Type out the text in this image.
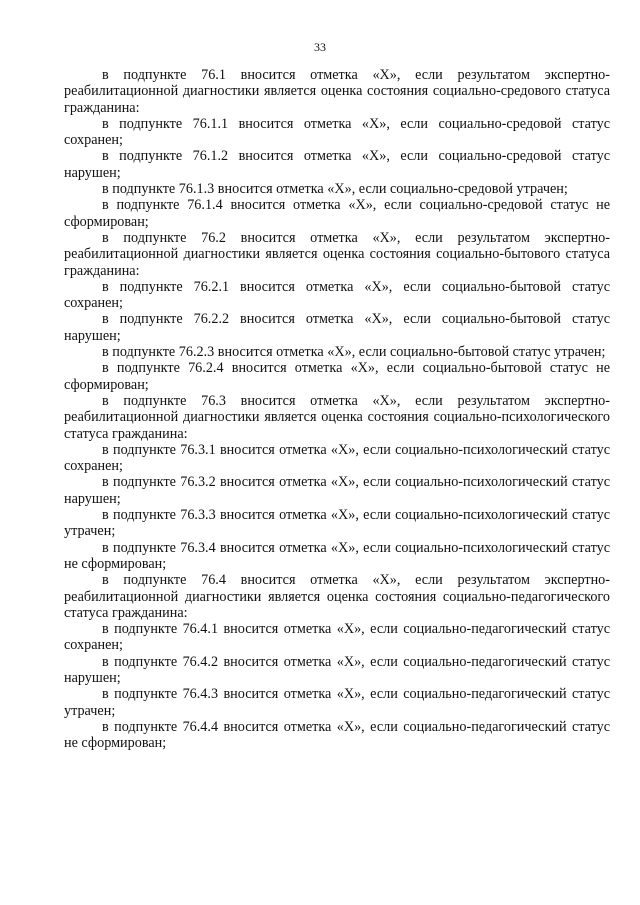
33

в подпункте 76.1 вносится отметка «X», если результатом экспертно-реабилитационной диагностики является оценка состояния социально-средового статуса гражданина:

в подпункте 76.1.1 вносится отметка «X», если социально-средовой статус сохранен;

в подпункте 76.1.2 вносится отметка «X», если социально-средовой статус нарушен;

в подпункте 76.1.3 вносится отметка «X», если социально-средовой утрачен;

в подпункте 76.1.4 вносится отметка «X», если социально-средовой статус не сформирован;

в подпункте 76.2 вносится отметка «X», если результатом экспертно-реабилитационной диагностики является оценка состояния социально-бытового статуса гражданина:

в подпункте 76.2.1 вносится отметка «X», если социально-бытовой статус сохранен;

в подпункте 76.2.2 вносится отметка «X», если социально-бытовой статус нарушен;

в подпункте 76.2.3 вносится отметка «X», если социально-бытовой статус утрачен;

в подпункте 76.2.4 вносится отметка «X», если социально-бытовой статус не сформирован;

в подпункте 76.3 вносится отметка «X», если результатом экспертно-реабилитационной диагностики является оценка состояния социально-психологического статуса гражданина:

в подпункте 76.3.1 вносится отметка «X», если социально-психологический статус сохранен;

в подпункте 76.3.2 вносится отметка «X», если социально-психологический статус нарушен;

в подпункте 76.3.3 вносится отметка «X», если социально-психологический статус утрачен;

в подпункте 76.3.4 вносится отметка «X», если социально-психологический статус не сформирован;

в подпункте 76.4 вносится отметка «X», если результатом экспертно-реабилитационной диагностики является оценка состояния социально-педагогического статуса гражданина:

в подпункте 76.4.1 вносится отметка «X», если социально-педагогический статус сохранен;

в подпункте 76.4.2 вносится отметка «X», если социально-педагогический статус нарушен;

в подпункте 76.4.3 вносится отметка «X», если социально-педагогический статус утрачен;

в подпункте 76.4.4 вносится отметка «X», если социально-педагогический статус не сформирован;
